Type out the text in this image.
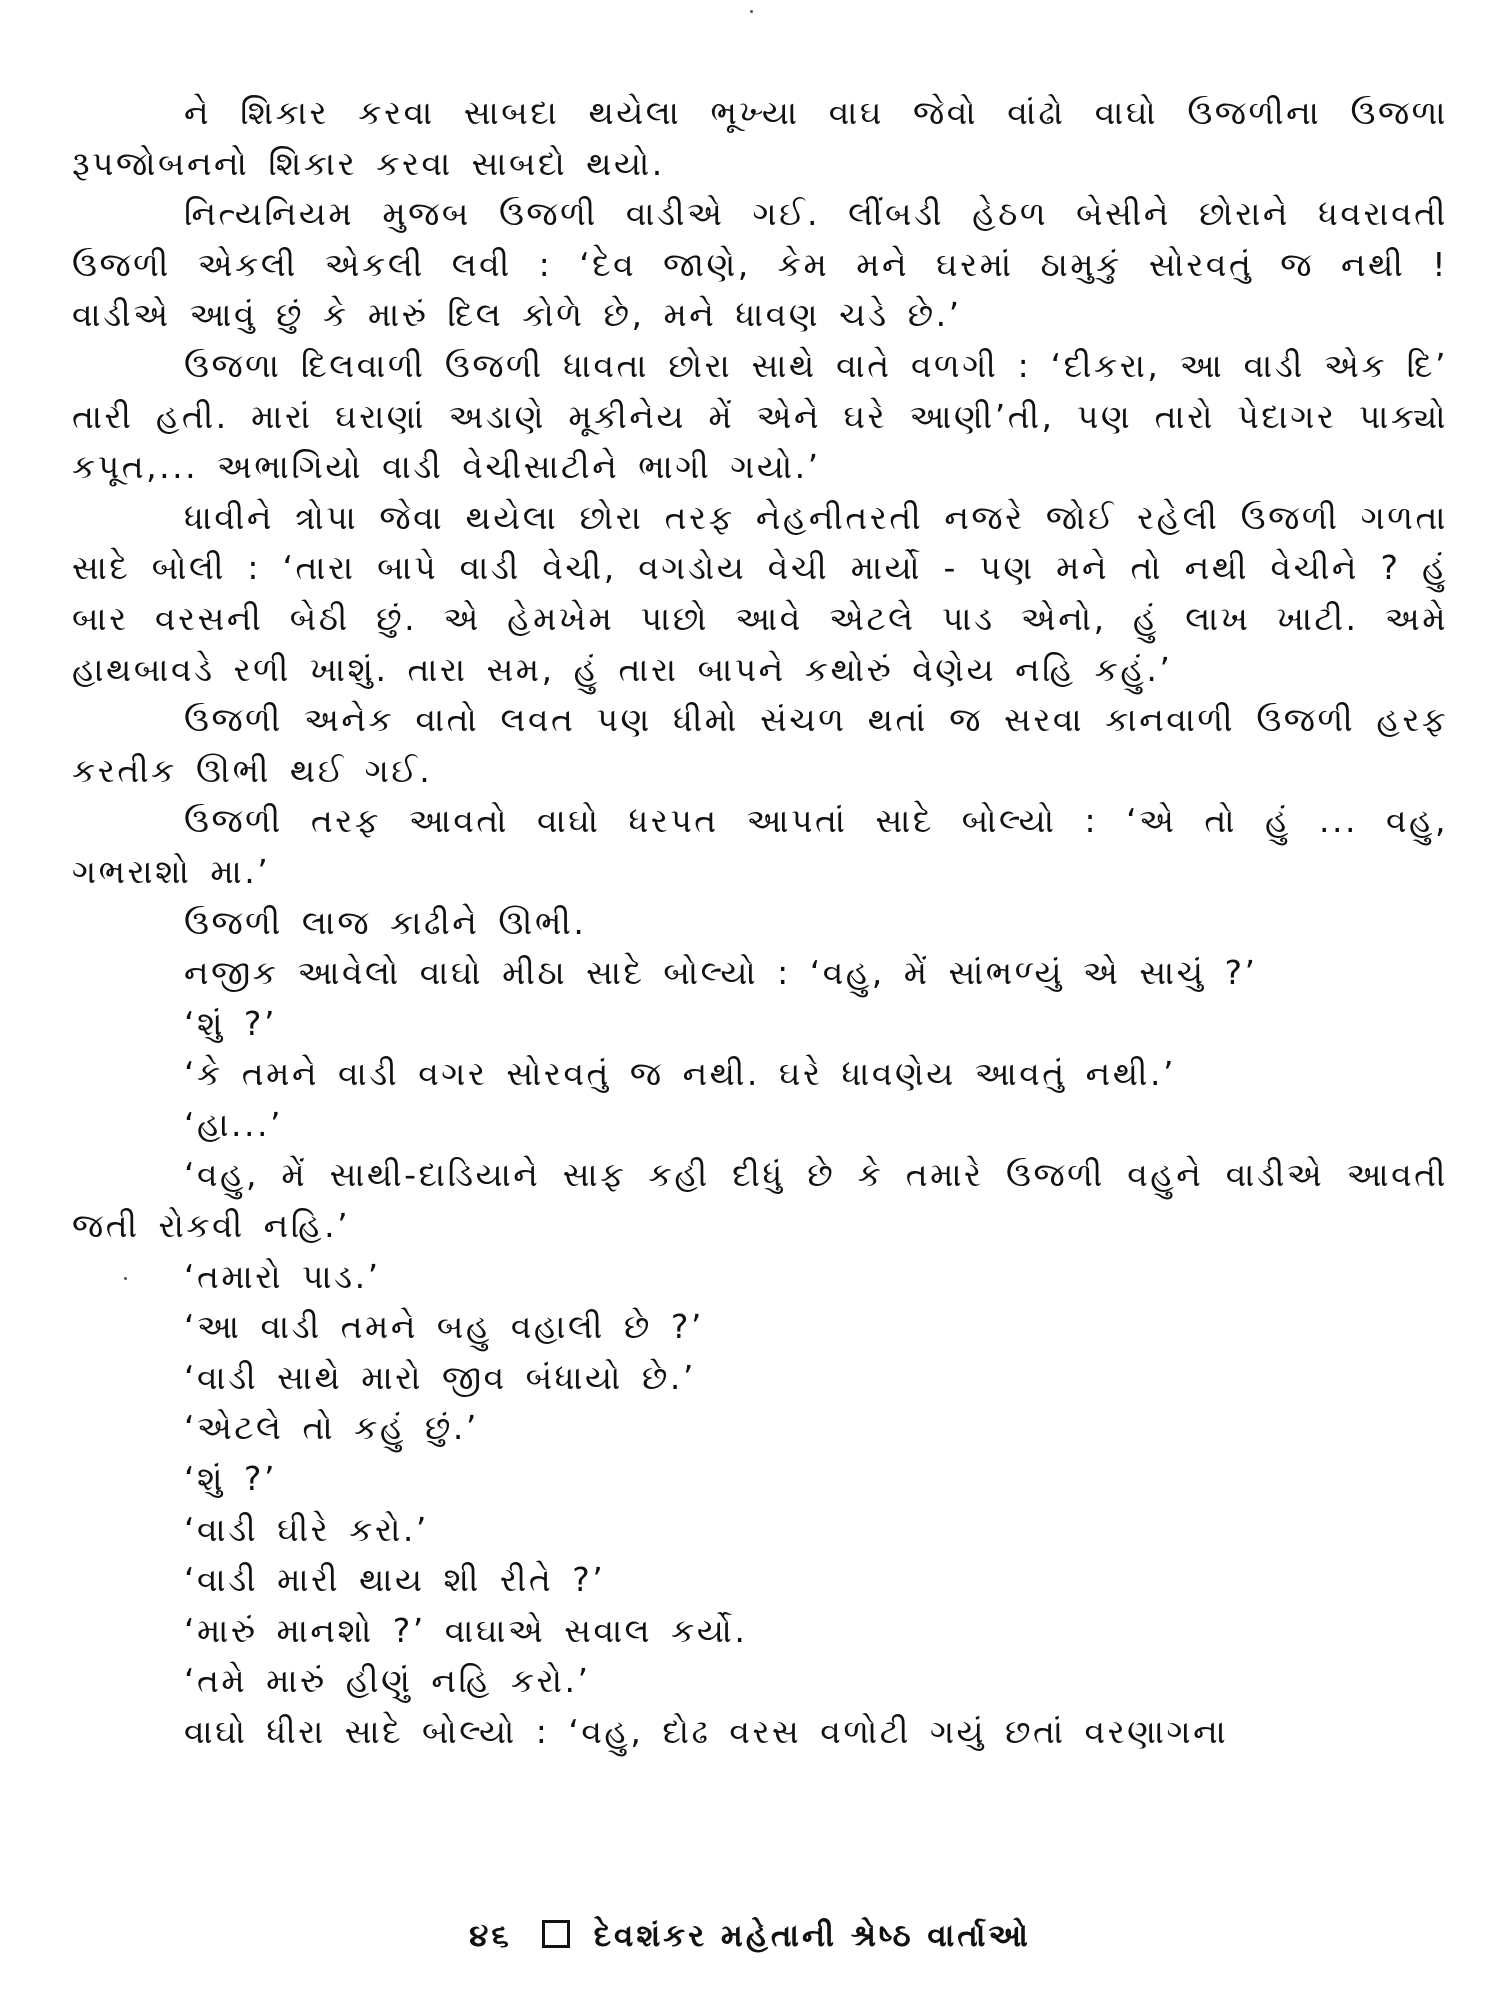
ને શિકાર કરવા સાબદા થયેલા ભૂખ્યા વાઘ જેવો વાંઢો વાઘો ઉજળીના ઉજળા રૂપજોબનનો શિકાર કરવા સાબદો થયો.

નિત્યનિયમ મુજબ ઉજળી વાડીએ ગઈ. લીંબડી હેઠળ બેસીને છોરાને ધવરાવતી ઉજળી એકલી એકલી લવી : ‘દેવ જાણે, કેમ મને ઘરમાં ઠામુકું સોરવતું જ નથી ! વાડીએ આવું છું કે મારું દિલ કોળે છે, મને ધાવણ ચડે છે.’

ઉજળા દિલવાળી ઉજળી ધાવતા છોરા સાથે વાતે વળગી : ‘દીકરા, આ વાડી એક દિ’ તારી હતી. મારાં ઘરાણાં અડાણે મૂકીનેય મેં એને ઘરે આણી’તી, પણ તારો પેદાગર પાક્યો કપૂત,... અભાગિયો વાડી વેચીસાટીને ભાગી ગયો.’

ધાવીને ત્રોપા જેવા થયેલા છોરા તરફ નેહનીતરતી નજરે જોઈ રહેલી ઉજળી ગળતા સાદે બોલી : ‘તારા બાપે વાડી વેચી, વગડોય વેચી માર્યો - પણ મને તો નથી વેચીને ? હું બાર વરસની બેઠી છું. એ હેમખેમ પાછો આવે એટલે પાડ એનો, હું લાખ ખાટી. અમે હાથબાવડે રળી ખાશું. તારા સમ, હું તારા બાપને કથોરું વેણેય નહિ કહું.’

ઉજળી અનેક વાતો લવત પણ ધીમો સંચળ થતાં જ સરવા કાનવાળી ઉજળી હરફ કરતીક ઊભી થઈ ગઈ.

ઉજળી તરફ આવતો વાઘો ધરપત આપતાં સાદે બોલ્યો : ‘એ તો હું ... વહુ, ગભરાશો મા.’

ઉજળી લાજ કાઢીને ઊભી.

નજીક આવેલો વાઘો મીઠા સાદે બોલ્યો : ‘વહુ, મેં સાંભળ્યું એ સાચું ?’

‘શું ?’

‘કે તમને વાડી વગર સોરવતું જ નથી. ઘરે ધાવણેય આવતું નથી.’

‘હા...’

‘વહુ, મેં સાથી-દાડિયાને સાફ કહી દીધું છે કે તમારે ઉજળી વહુને વાડીએ આવતી જતી રોકવી નહિ.’

‘તમારો પાડ.’

‘આ વાડી તમને બહુ વહાલી છે ?’

‘વાડી સાથે મારો જીવ બંધાયો છે.’

‘એટલે તો કહું છું.’

‘શું ?’

‘વાડી ઘીરે કરો.’

‘વાડી મારી થાય શી રીતે ?’

‘મારું માનશો ?’ વાઘાએ સવાલ કર્યો.

‘તમે મારું હીણું નહિ કરો.’

વાઘો ધીરા સાદે બોલ્યો : ‘વહુ, દોઢ વરસ વળોટી ગયું છતાં વરણાગના

૪૬	દેવશંકર મહેતાની શ્રેષ્ઠ વાર્તાઓ
